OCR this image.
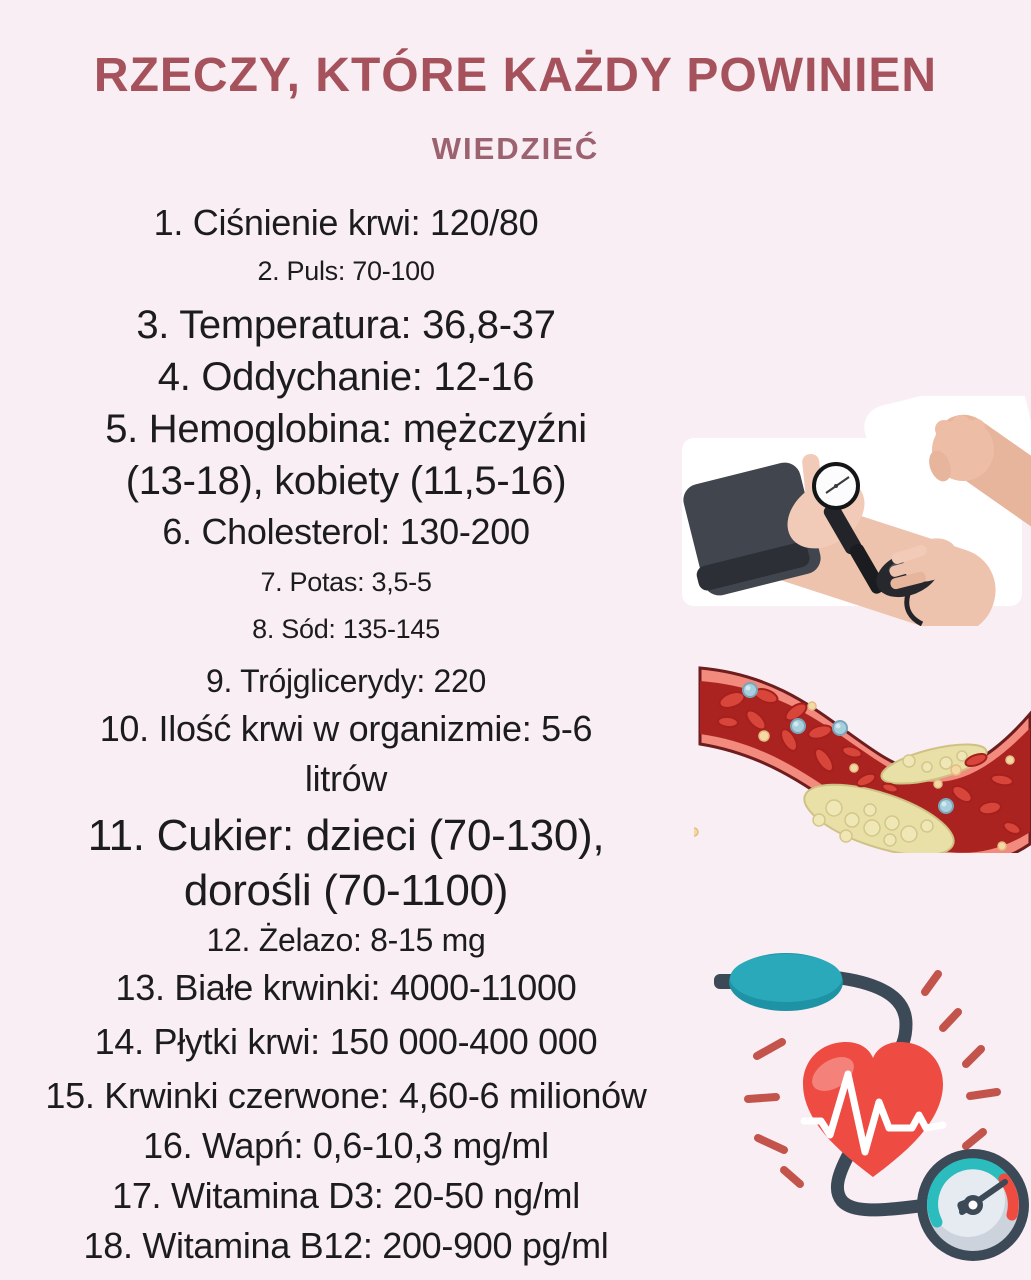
RZECZY, KTÓRE KAŻDY POWINIEN
WIEDZIEĆ
1. Ciśnienie krwi: 120/80
2. Puls: 70-100
3. Temperatura: 36,8-37
4. Oddychanie: 12-16
5. Hemoglobina: mężczyźni
(13-18), kobiety (11,5-16)
6. Cholesterol: 130-200
7. Potas: 3,5-5
8. Sód: 135-145
9. Trójglicerydy: 220
10. Ilość krwi w organizmie: 5-6
litrów
11. Cukier: dzieci (70-130),
dorośli (70-1100)
12. Żelazo: 8-15 mg
13. Białe krwinki: 4000-11000
14. Płytki krwi: 150 000-400 000
15. Krwinki czerwone: 4,60-6 milionów
16. Wapń: 0,6-10,3 mg/ml
17. Witamina D3: 20-50 ng/ml
18. Witamina B12: 200-900 pg/ml
